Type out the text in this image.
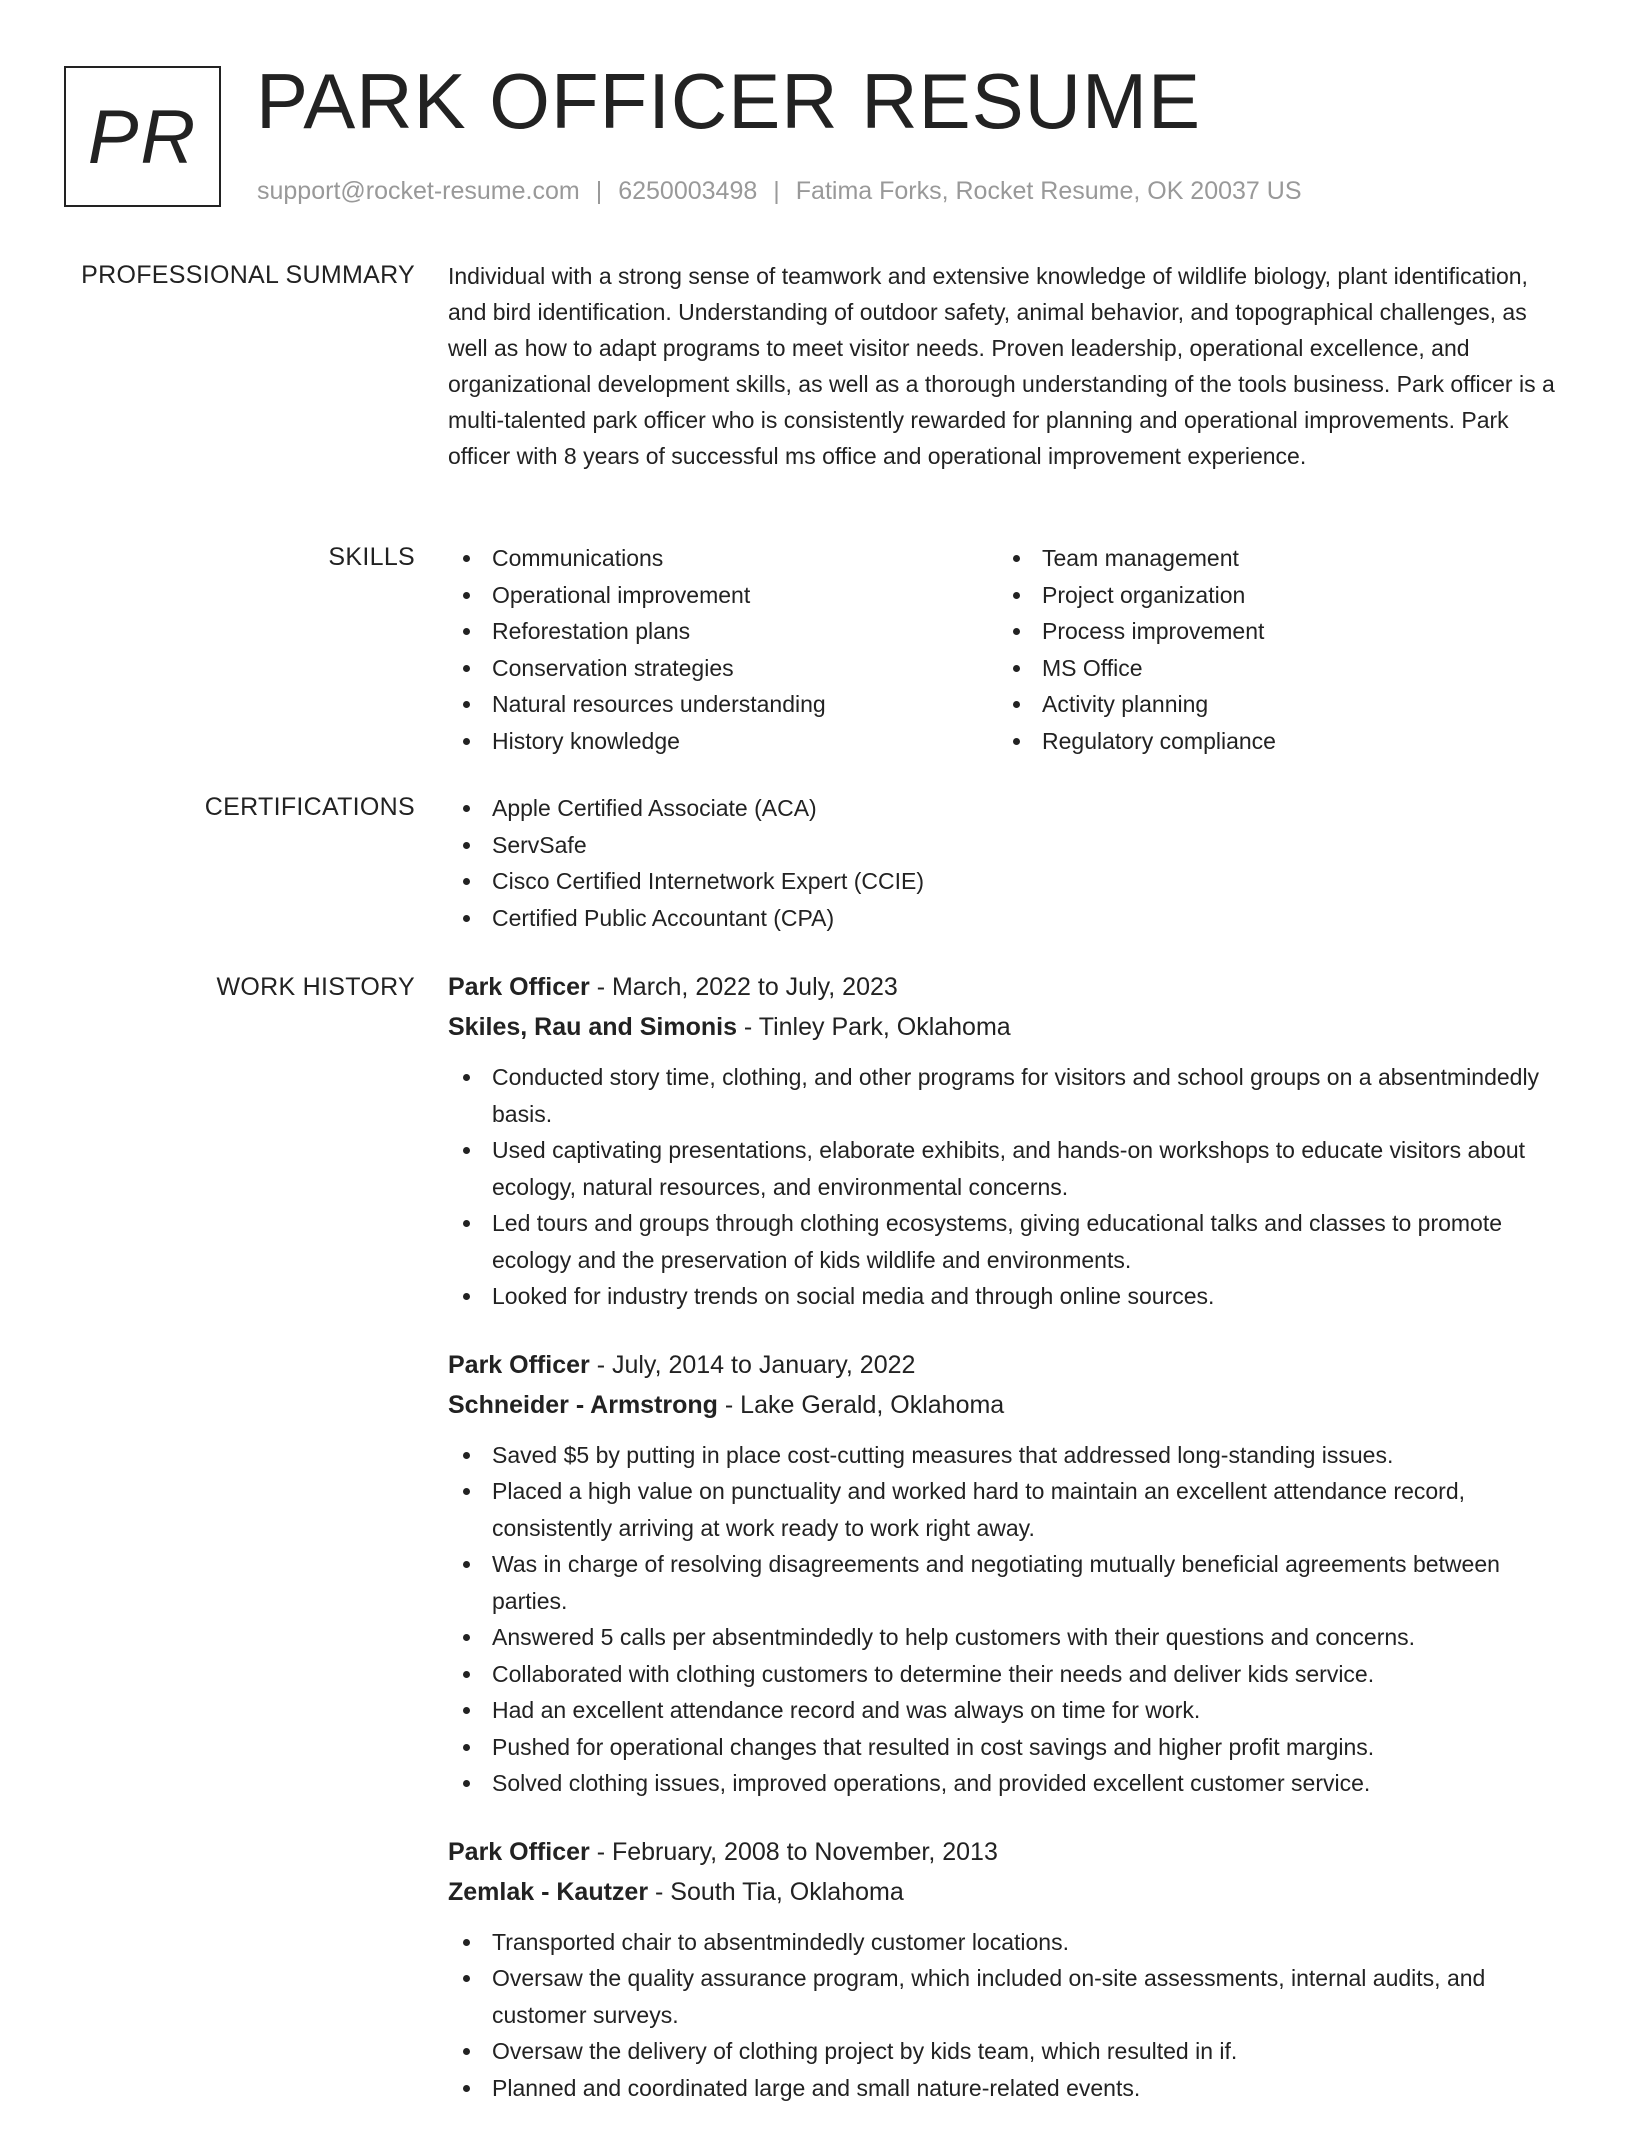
PR PARK OFFICER RESUME
support@rocket-resume.com | 6250003498 | Fatima Forks, Rocket Resume, OK 20037 US
PROFESSIONAL SUMMARY Individual with a strong sense of teamwork and extensive knowledge of wildlife biology, plant identification, and bird identification. Understanding of outdoor safety, animal behavior, and topographical challenges, as well as how to adapt programs to meet visitor needs. Proven leadership, operational excellence, and organizational development skills, as well as a thorough understanding of the tools business. Park officer is a multi-talented park officer who is consistently rewarded for planning and operational improvements. Park officer with 8 years of successful ms office and operational improvement experience.

SKILLS	Communications
Operational improvement
Reforestation plans
Conservation strategies
Natural resources understanding
History knowledge
Team management
Project organization
Process improvement
MS Office
Activity planning
Regulatory compliance
CERTIFICATIONS	Apple Certified Associate (ACA)
ServSafe
Cisco Certified Internetwork Expert (CCIE)
Certified Public Accountant (CPA)
WORK HISTORY Park Officer - March, 2022 to July, 2023
Skiles, Rau and Simonis - Tinley Park, Oklahoma
Conducted story time, clothing, and other programs for visitors and school groups on a absentmindedly basis.
Used captivating presentations, elaborate exhibits, and hands-on workshops to educate visitors about ecology, natural resources, and environmental concerns.
Led tours and groups through clothing ecosystems, giving educational talks and classes to promote ecology and the preservation of kids wildlife and environments.
Looked for industry trends on social media and through online sources.
Park Officer - July, 2014 to January, 2022
Schneider - Armstrong - Lake Gerald, Oklahoma
Saved $5 by putting in place cost-cutting measures that addressed long-standing issues.
Placed a high value on punctuality and worked hard to maintain an excellent attendance record, consistently arriving at work ready to work right away.
Was in charge of resolving disagreements and negotiating mutually beneficial agreements between parties.
Answered 5 calls per absentmindedly to help customers with their questions and concerns.
Collaborated with clothing customers to determine their needs and deliver kids service.
Had an excellent attendance record and was always on time for work.
Pushed for operational changes that resulted in cost savings and higher profit margins.
Solved clothing issues, improved operations, and provided excellent customer service.
Park Officer - February, 2008 to November, 2013
Zemlak - Kautzer - South Tia, Oklahoma
Transported chair to absentmindedly customer locations.
Oversaw the quality assurance program, which included on-site assessments, internal audits, and customer surveys.
Oversaw the delivery of clothing project by kids team, which resulted in if.
Planned and coordinated large and small nature-related events.
